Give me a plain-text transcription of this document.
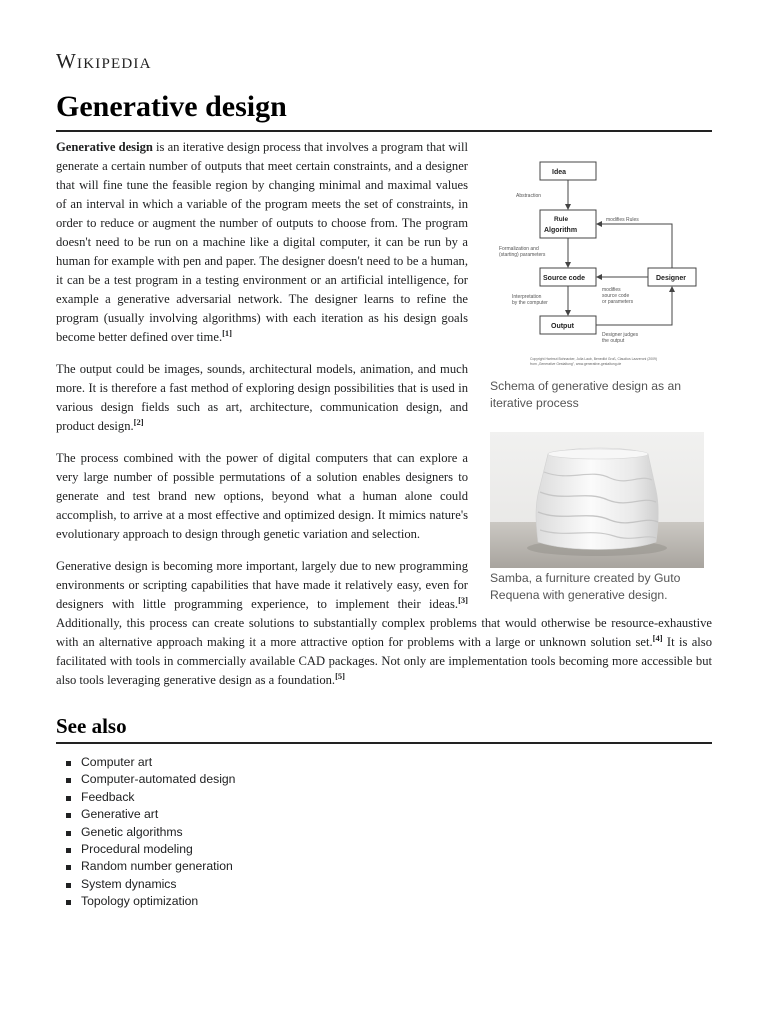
Wikipedia
Generative design
Idea
Rule
Algorithm
Source code
Output
Designer
Abstraction
Formalization and
(starting) parameters
Interpretation
by the computer
modifies Rules
modifies
source code
or parameters
Designer judges
the output
Copyright Hartmut Bohnacker, Julia Laub, Benedikt Groß, Claudius Lazzeroni (2009)
from „Generative Gestaltung", www.generative-gestaltung.de
Schema of generative design as an iterative process
Samba, a furniture created by Guto Requena with generative design.

Generative design is an iterative design process that involves a program that will generate a certain number of outputs that meet certain constraints, and a designer that will fine tune the feasible region by changing minimal and maximal values of an interval in which a variable of the program meets the set of constraints, in order to reduce or augment the number of outputs to choose from. The program doesn't need to be run on a machine like a digital computer, it can be run by a human for example with pen and paper. The designer doesn't need to be a human, it can be a test program in a testing environment or an artificial intelligence, for example a generative adversarial network. The designer learns to refine the program (usually involving algorithms) with each iteration as his design goals become better defined over time.[1]

The output could be images, sounds, architectural models, animation, and much more. It is therefore a fast method of exploring design possibilities that is used in various design fields such as art, architecture, communication design, and product design.[2]

The process combined with the power of digital computers that can explore a very large number of possible permutations of a solution enables designers to generate and test brand new options, beyond what a human alone could accomplish, to arrive at a most effective and optimized design. It mimics nature's evolutionary approach to design through genetic variation and selection.

Generative design is becoming more important, largely due to new programming environments or scripting capabilities that have made it relatively easy, even for designers with little programming experience, to implement their ideas.[3] Additionally, this process can create solutions to substantially complex problems that would otherwise be resource-exhaustive with an alternative approach making it a more attractive option for problems with a large or unknown solution set.[4] It is also facilitated with tools in commercially available CAD packages. Not only are implementation tools becoming more accessible but also tools leveraging generative design as a foundation.[5]

See also
Computer art
Computer-automated design
Feedback
Generative art
Genetic algorithms
Procedural modeling
Random number generation
System dynamics
Topology optimization
